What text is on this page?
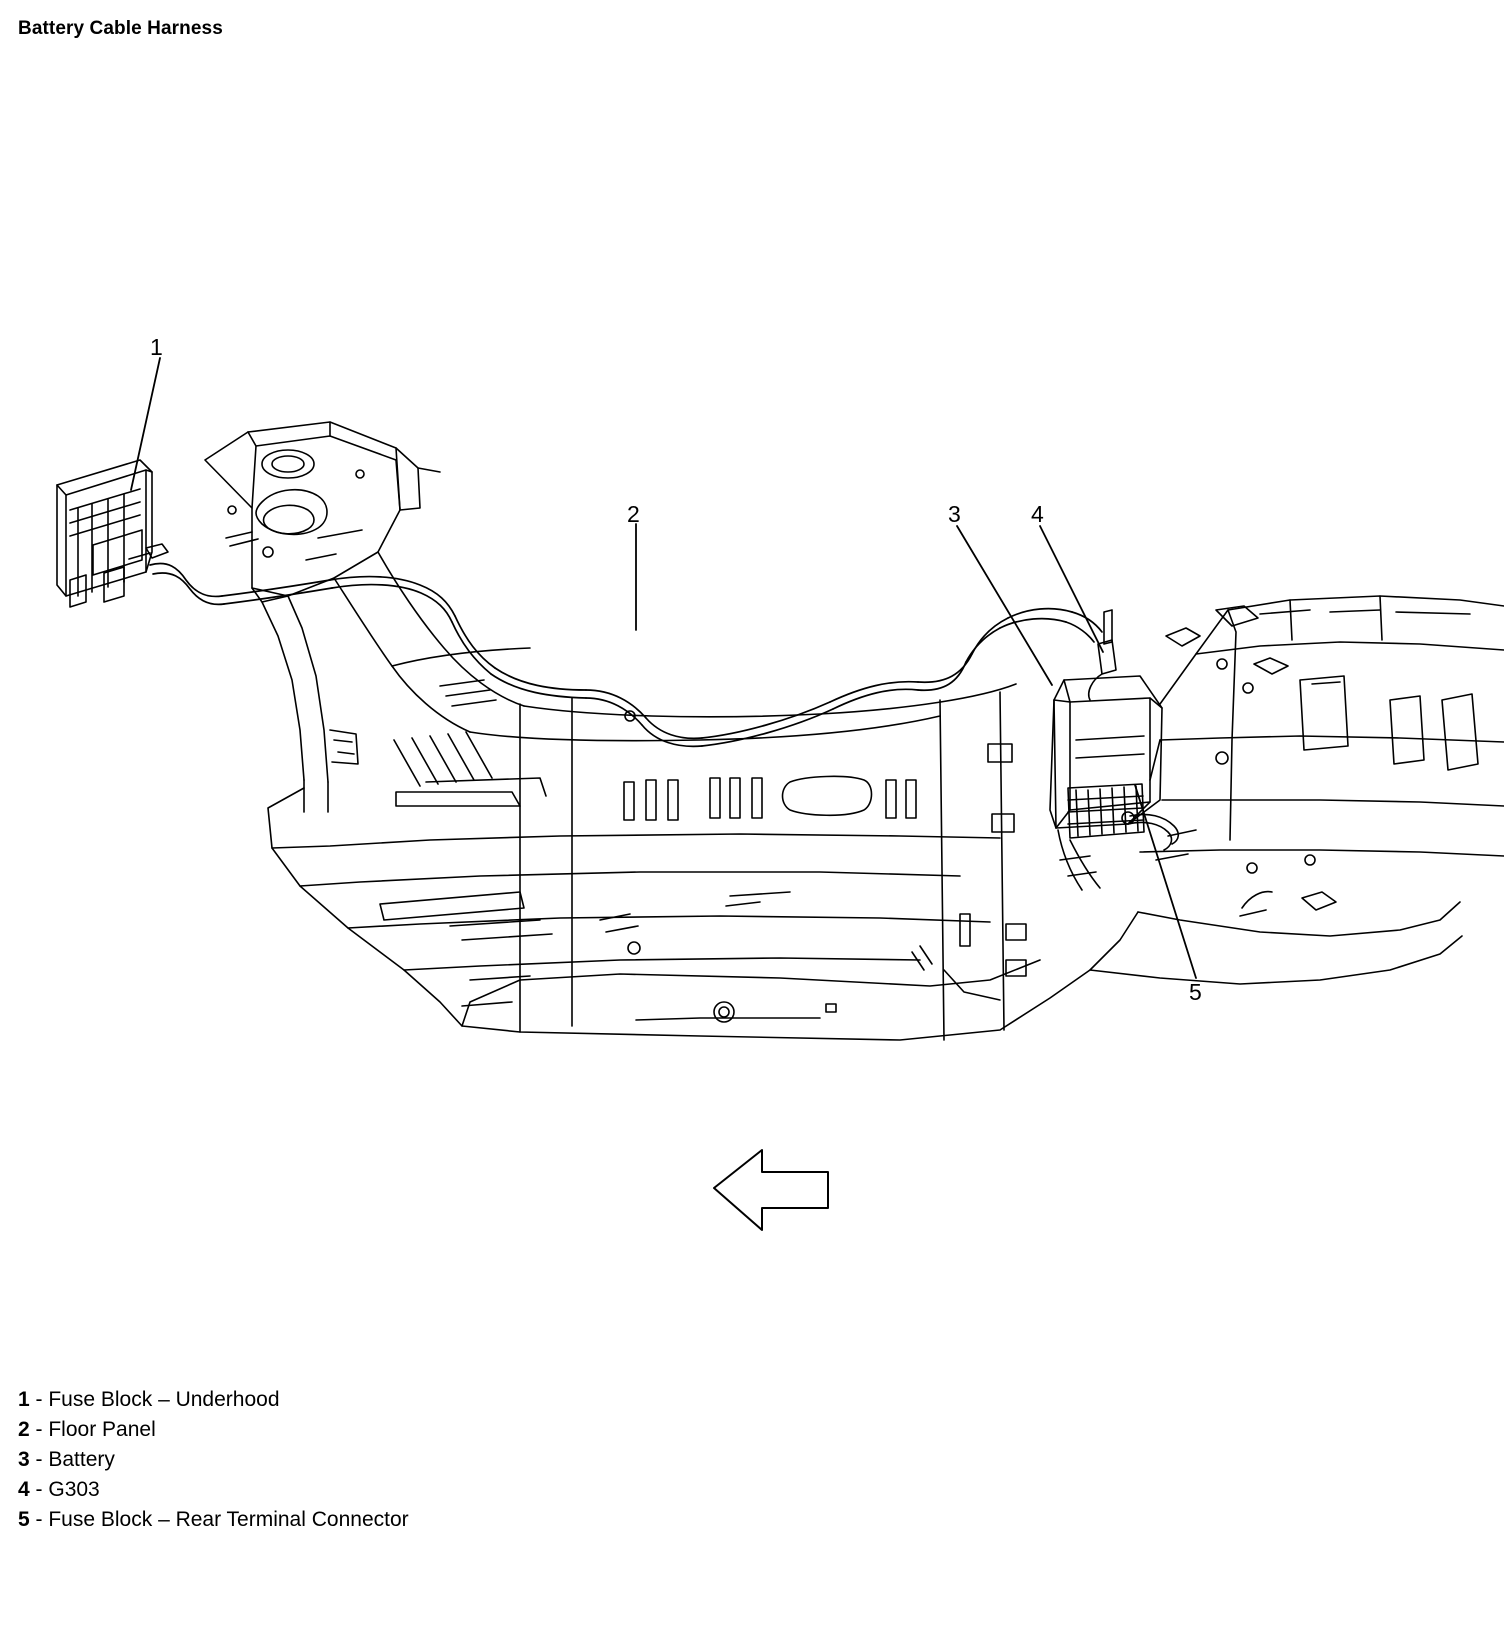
Battery Cable Harness
1
2	3	4
5
1 - Fuse Block – Underhood
2 - Floor Panel
3 - Battery
4 - G303
5 - Fuse Block – Rear Terminal Connector
